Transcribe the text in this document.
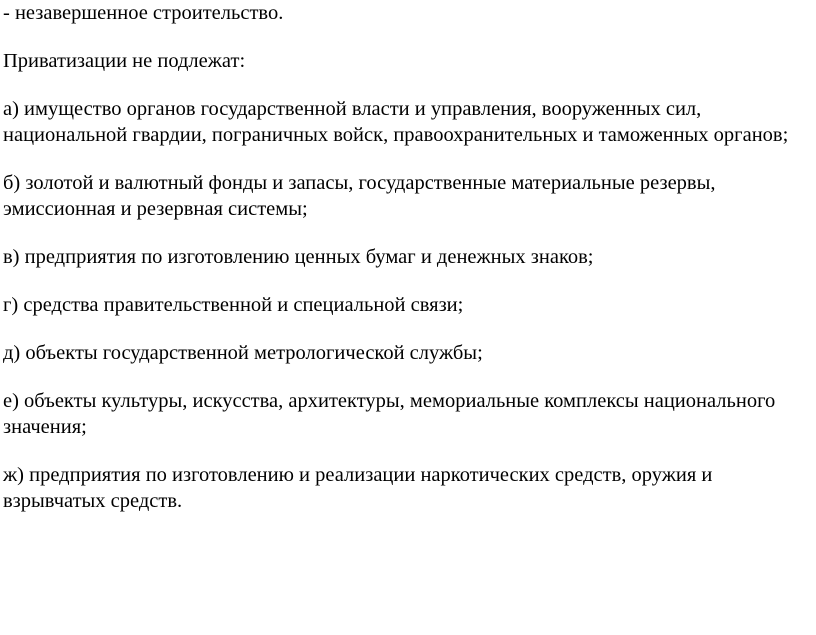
- незавершенное строительство.

Приватизации не подлежат:

а) имущество органов государственной власти и управления, вооруженных сил, национальной гвардии, пограничных войск, правоохранительных и таможенных органов;

б) золотой и валютный фонды и запасы, государственные материальные резервы, эмиссионная и резервная системы;

в) предприятия по изготовлению ценных бумаг и денежных знаков;

г) средства правительственной и специальной связи;

д) объекты государственной метрологической службы;

е) объекты культуры, искусства, архитектуры, мемориальные комплексы национального значения;

ж) предприятия по изготовлению и реализации наркотических средств, оружия и взрывчатых средств.
